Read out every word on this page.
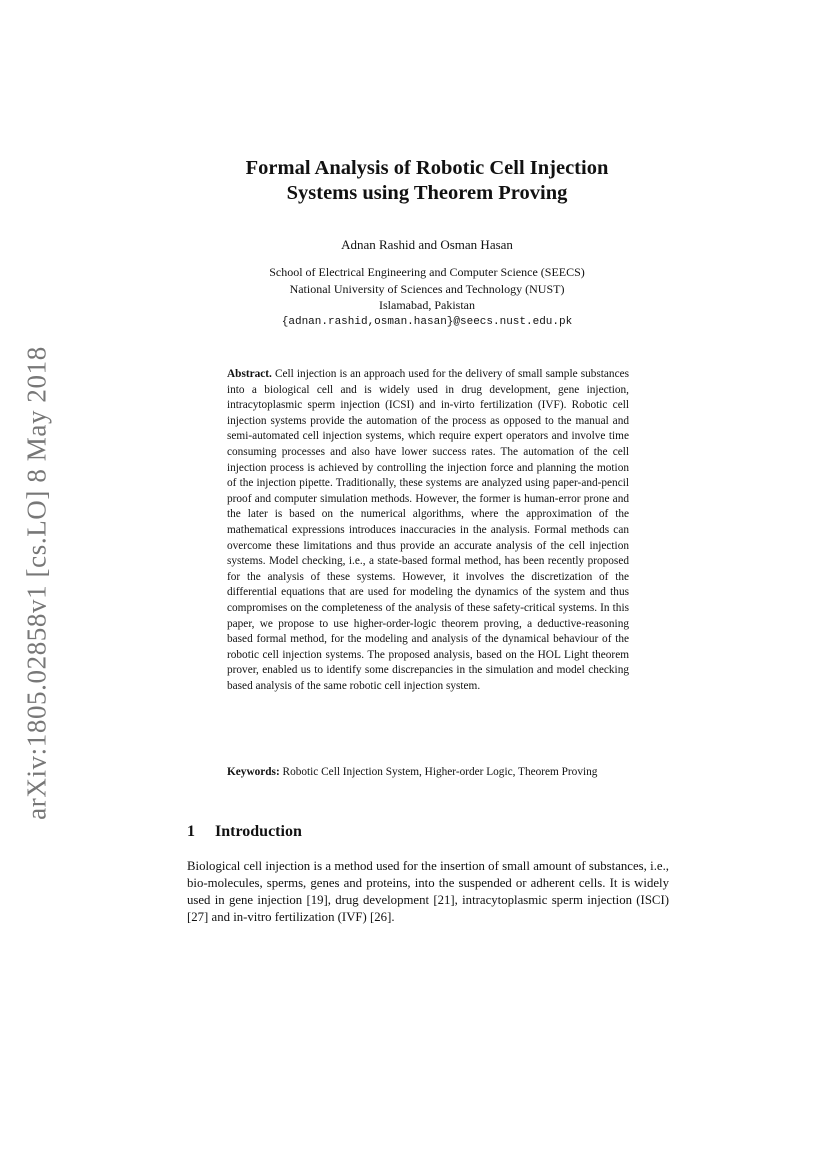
arXiv:1805.02858v1 [cs.LO] 8 May 2018
Formal Analysis of Robotic Cell Injection
Systems using Theorem Proving
Adnan Rashid and Osman Hasan
School of Electrical Engineering and Computer Science (SEECS)
National University of Sciences and Technology (NUST)
Islamabad, Pakistan
{adnan.rashid,osman.hasan}@seecs.nust.edu.pk

Abstract. Cell injection is an approach used for the delivery of small sample substances into a biological cell and is widely used in drug development, gene injection, intracytoplasmic sperm injection (ICSI) and in-virto fertilization (IVF). Robotic cell injection systems provide the automation of the process as opposed to the manual and semi-automated cell injection systems, which require expert operators and involve time consuming processes and also have lower success rates. The automation of the cell injection process is achieved by controlling the injection force and planning the motion of the injection pipette. Traditionally, these systems are analyzed using paper-and-pencil proof and computer simulation methods. However, the former is human-error prone and the later is based on the numerical algorithms, where the approximation of the mathematical expressions introduces inaccuracies in the analysis. Formal methods can overcome these limitations and thus provide an accurate analysis of the cell injection systems. Model checking, i.e., a state-based formal method, has been recently proposed for the analysis of these systems. However, it involves the discretization of the differential equations that are used for modeling the dynamics of the system and thus compromises on the completeness of the analysis of these safety-critical systems. In this paper, we propose to use higher-order-logic theorem proving, a deductive-reasoning based formal method, for the modeling and analysis of the dynamical behaviour of the robotic cell injection systems. The proposed analysis, based on the HOL Light theorem prover, enabled us to identify some discrepancies in the simulation and model checking based analysis of the same robotic cell injection system.

Keywords: Robotic Cell Injection System, Higher-order Logic, Theorem Proving

1 Introduction

Biological cell injection is a method used for the insertion of small amount of substances, i.e., bio-molecules, sperms, genes and proteins, into the suspended or adherent cells. It is widely used in gene injection [19], drug development [21], intracytoplasmic sperm injection (ISCI) [27] and in-vitro fertilization (IVF) [26].
